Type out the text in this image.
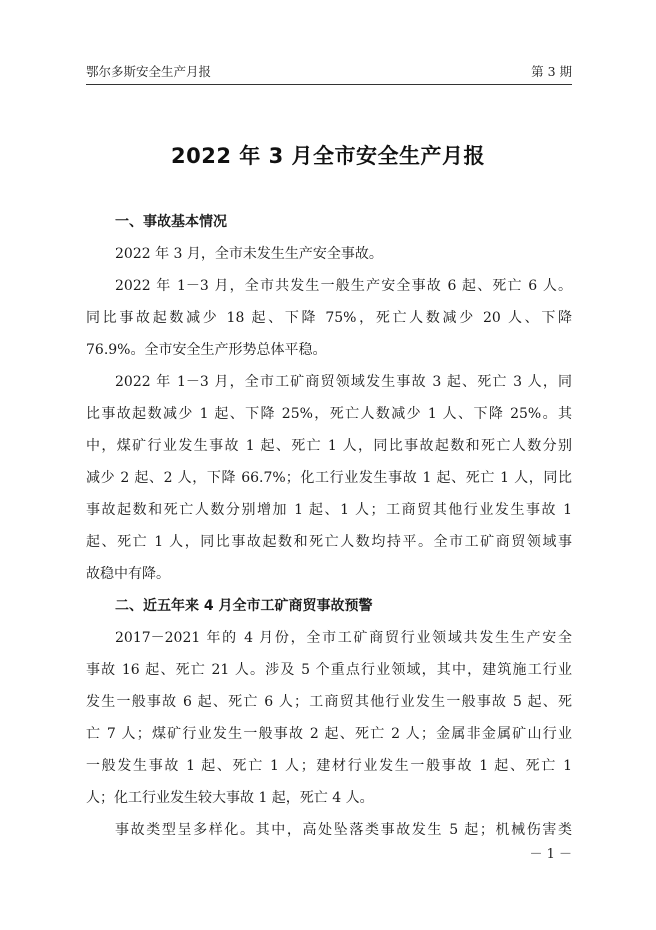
鄂尔多斯安全生产月报	第 3 期
2022 年 3 月全市安全生产月报
一、事故基本情况
2022 年 3 月，全市未发生生产安全事故。
2022 年 1－3 月，全市共发生一般生产安全事故 6 起、死亡 6 人。
同比事故起数减少 18 起、下降 75%，死亡人数减少 20 人、下降
76.9%。全市安全生产形势总体平稳。
2022 年 1－3 月，全市工矿商贸领域发生事故 3 起、死亡 3 人，同
比事故起数减少 1 起、下降 25%，死亡人数减少 1 人、下降 25%。其
中，煤矿行业发生事故 1 起、死亡 1 人，同比事故起数和死亡人数分别
减少 2 起、2 人，下降 66.7%；化工行业发生事故 1 起、死亡 1 人，同比
事故起数和死亡人数分别增加 1 起、1 人；工商贸其他行业发生事故 1
起、死亡 1 人，同比事故起数和死亡人数均持平。全市工矿商贸领域事
故稳中有降。
二、近五年来 4 月全市工矿商贸事故预警
2017－2021 年的 4 月份，全市工矿商贸行业领域共发生生产安全
事故 16 起、死亡 21 人。涉及 5 个重点行业领域，其中，建筑施工行业
发生一般事故 6 起、死亡 6 人；工商贸其他行业发生一般事故 5 起、死
亡 7 人；煤矿行业发生一般事故 2 起、死亡 2 人；金属非金属矿山行业
一般发生事故 1 起、死亡 1 人；建材行业发生一般事故 1 起、死亡 1
人；化工行业发生较大事故 1 起，死亡 4 人。
事故类型呈多样化。其中，高处坠落类事故发生 5 起；机械伤害类
－ 1 －
